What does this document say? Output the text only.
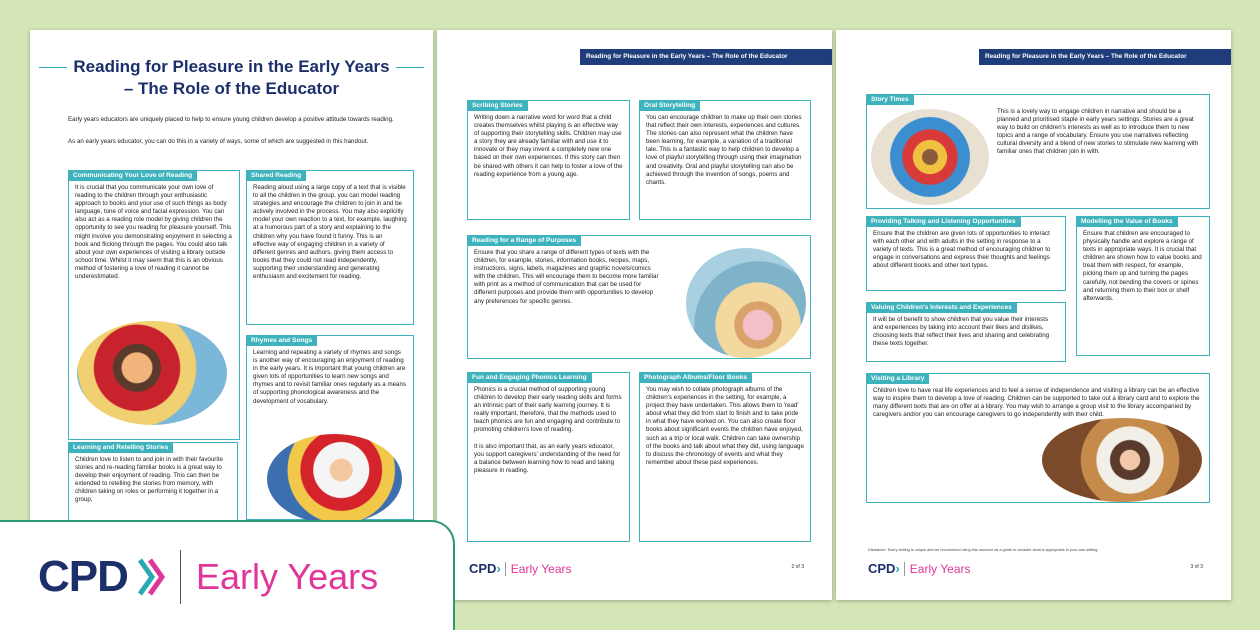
Reading for Pleasure in the Early Years
– The Role of the Educator
Early years educators are uniquely placed to help to ensure young children develop a positive attitude towards reading.
As an early years educator, you can do this in a variety of ways, some of which are suggested in this handout.
Communicating Your Love of Reading
It is crucial that you communicate your own love of reading to the children through your enthusiastic approach to books and your use of such things as body language, tone of voice and facial expression. You can also act as a reading role model by giving children the opportunity to see you reading for pleasure yourself. This might involve you demonstrating enjoyment in selecting a book and flicking through the pages. You could also talk about your own experiences of visiting a library outside school time. Whilst it may seem that this is an obvious method of fostering a love of reading it cannot be underestimated.
Shared Reading
Reading aloud using a large copy of a text that is visible to all the children in the group, you can model reading strategies and encourage the children to join in and be actively involved in the process. You may also explicitly model your own reaction to a text, for example, laughing at a humorous part of a story and explaining to the children why you have found it funny. This is an effective way of engaging children in a variety of different genres and authors, giving them access to books that they could not read independently, supporting their understanding and generating enthusiasm and excitement for reading.
Rhymes and Songs
Learning and repeating a variety of rhymes and songs is another way of encouraging an enjoyment of reading in the early years. It is important that young children are given lots of opportunities to learn new songs and rhymes and to revisit familiar ones regularly as a means of supporting phonological awareness and the development of vocabulary.
Learning and Retelling Stories
Children love to listen to and join in with their favourite stories and re-reading familiar books is a great way to develop their enjoyment of reading. This can then be extended to retelling the stories from memory, with children taking on roles or performing it together in a group,
Reading for Pleasure in the Early Years – The Role of the Educator
Scribing Stories
Writing down a narrative word for word that a child creates themselves whilst playing is an effective way of supporting their storytelling skills. Children may use a story they are already familiar with and use it to innovate or they may invent a completely new one based on their own experiences. If this story can then be shared with others it can help to foster a love of the reading experience from a young age.
Oral Storytelling
You can encourage children to make up their own stories that reflect their own interests, experiences and cultures. The stories can also represent what the children have been learning, for example, a variation of a traditional tale. This is a fantastic way to help children to develop a love of playful storytelling through using their imagination and creativity. Oral and playful storytelling can also be achieved through the invention of songs, poems and chants.
Reading for a Range of Purposes
Ensure that you share a range of different types of texts with the children, for example, stories, information books, recipes, maps, instructions, signs, labels, magazines and graphic novels/comics with the children. This will encourage them to become more familiar with print as a method of communication that can be used for different purposes and provide them with opportunities to develop any preferences for specific genres.
Fun and Engaging Phonics Learning
Phonics is a crucial method of supporting young children to develop their early reading skills and forms an intrinsic part of their early learning journey. It is really important, therefore, that the methods used to teach phonics are fun and engaging and contribute to promoting children's love of reading.
It is also important that, as an early years educator, you support caregivers' understanding of the need for a balance between learning how to read and taking pleasure in reading.
Photograph Albums/Floor Books
You may wish to collate photograph albums of the children's experiences in the setting, for example, a project they have undertaken. This allows them to 'read' about what they did from start to finish and to take pride in what they have worked on. You can also create floor books about significant events the children have enjoyed, such as a trip or local walk. Children can take ownership of the books and talk about what they did, using language to discuss the chronology of events and what they remember about these past experiences.
CPD› Early Years	2 of 3
Reading for Pleasure in the Early Years – The Role of the Educator
Story Times
This is a lovely way to engage children in narrative and should be a planned and prioritised staple in early years settings. Stories are a great way to build on children's interests as well as to introduce them to new topics and a range of vocabulary. Ensure you use narratives reflecting cultural diversity and a blend of new stories to stimulate new learning with familiar ones that children join in with.
Providing Talking and Listening Opportunities
Ensure that the children are given lots of opportunities to interact with each other and with adults in the setting in response to a variety of texts. This is a great method of encouraging children to engage in conversations and express their thoughts and feelings about different books and other text types.
Modelling the Value of Books
Ensure that children are encouraged to physically handle and explore a range of texts in appropriate ways. It is crucial that children are shown how to value books and treat them with respect, for example, picking them up and turning the pages carefully, not bending the covers or spines and returning them to their box or shelf afterwards.
Valuing Children's Interests and Experiences
It will be of benefit to show children that you value their interests and experiences by taking into account their likes and dislikes, choosing texts that reflect their lives and sharing and celebrating these texts together.
Visiting a Library
Children love to have real life experiences and to feel a sense of independence and visiting a library can be an effective way to inspire them to develop a love of reading. Children can be supported to take out a library card and to explore the many different texts that are on offer at a library. You may wish to arrange a group visit to the library accompanied by caregivers and/or you can encourage caregivers to go independently with their child.
Disclaimer: Every setting is unique and we recommend using this resource as a guide to consider what is appropriate in your own setting.
CPD› Early Years	3 of 3
CPD Early Years
